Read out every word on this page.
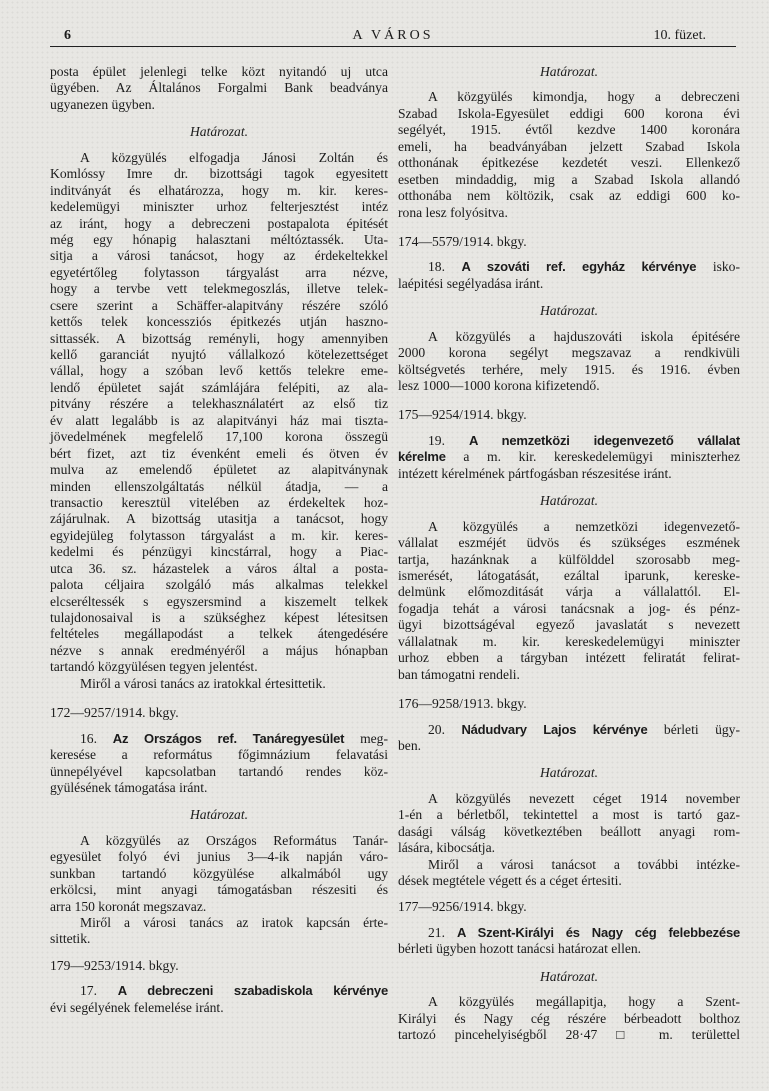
6	A VÁROS	10. füzet.
posta épület jelenlegi telke közt nyitandó uj utca
ügyében. Az Általános Forgalmi Bank beadványa
ugyanezen ügyben.
Határozat.
A közgyülés elfogadja Jánosi Zoltán és
Komlóssy Imre dr. bizottsági tagok egyesitett
inditványát és elhatározza, hogy m. kir. keres-
kedelemügyi miniszter urhoz felterjesztést intéz
az iránt, hogy a debreczeni postapalota épitését
még egy hónapig halasztani méltóztassék. Uta-
sitja a városi tanácsot, hogy az érdekeltekkel
egyetértőleg folytasson tárgyalást arra nézve,
hogy a tervbe vett telekmegoszlás, illetve telek-
csere szerint a Schäffer-alapitvány részére szóló
kettős telek koncessziós épitkezés utján haszno-
sittassék. A bizottság reményli, hogy amennyiben
kellő garanciát nyujtó vállalkozó kötelezettséget
vállal, hogy a szóban levő kettős telekre eme-
lendő épületet saját számlájára felépiti, az ala-
pitvány részére a telekhasználatért az első tiz
év alatt legalább is az alapitványi ház mai tiszta-
jövedelmének megfelelő 17,100 korona összegü
bért fizet, azt tiz évenként emeli és ötven év
mulva az emelendő épületet az alapitványnak
minden ellenszolgáltatás nélkül átadja, — a
transactio keresztül vitelében az érdekeltek hoz-
zájárulnak. A bizottság utasitja a tanácsot, hogy
egyidejüleg folytasson tárgyalást a m. kir. keres-
kedelmi és pénzügyi kincstárral, hogy a Piac-
utca 36. sz. házastelek a város által a posta-
palota céljaira szolgáló más alkalmas telekkel
elcseréltessék s egyszersmind a kiszemelt telkek
tulajdonosaival is a szükséghez képest létesitsen
feltételes megállapodást a telkek átengedésére
nézve s annak eredményéről a május hónapban
tartandó közgyülésen tegyen jelentést.
Miről a városi tanács az iratokkal értesittetik.
172—9257/1914. bkgy.
16. Az Országos ref. Tanáregyesület meg-
keresése a református főgimnázium felavatási
ünnepélyével kapcsolatban tartandó rendes köz-
gyülésének támogatása iránt.
Határozat.
A közgyülés az Országos Református Tanár-
egyesület folyó évi junius 3—4-ik napján váro-
sunkban tartandó közgyülése alkalmából ugy
erkölcsi, mint anyagi támogatásban részesiti és
arra 150 koronát megszavaz.
Miről a városi tanács az iratok kapcsán érte-
sittetik.
179—9253/1914. bkgy.
17. A debreczeni szabadiskola kérvénye
évi segélyének felemelése iránt.
Határozat.
A közgyülés kimondja, hogy a debreczeni
Szabad Iskola-Egyesület eddigi 600 korona évi
segélyét, 1915. évtől kezdve 1400 koronára
emeli, ha beadványában jelzett Szabad Iskola
otthonának épitkezése kezdetét veszi. Ellenkező
esetben mindaddig, mig a Szabad Iskola allandó
otthonába nem költözik, csak az eddigi 600 ko-
rona lesz folyósitva.
174—5579/1914. bkgy.
18. A szováti ref. egyház kérvénye isko-
laépitési segélyadása iránt.
Határozat.
A közgyülés a hajduszováti iskola épitésére
2000 korona segélyt megszavaz a rendkivüli
költségvetés terhére, mely 1915. és 1916. évben
lesz 1000—1000 korona kifizetendő.
175—9254/1914. bkgy.
19. A nemzetközi idegenvezető vállalat
kérelme a m. kir. kereskedelemügyi miniszterhez
intézett kérelmének pártfogásban részesitése iránt.
Határozat.
A közgyülés a nemzetközi idegenvezető-
vállalat eszméjét üdvös és szükséges eszmének
tartja, hazánknak a külfölddel szorosabb meg-
ismerését, látogatását, ezáltal iparunk, kereske-
delmünk előmozditását várja a vállalattól. El-
fogadja tehát a városi tanácsnak a jog- és pénz-
ügyi bizottságéval egyező javaslatát s nevezett
vállalatnak m. kir. kereskedelemügyi miniszter
urhoz ebben a tárgyban intézett feliratát felirat-
ban támogatni rendeli.
176—9258/1913. bkgy.
20. Nádudvary Lajos kérvénye bérleti ügy-
ben.
Határozat.
A közgyülés nevezett céget 1914 november
1-én a bérletből, tekintettel a most is tartó gaz-
dasági válság következtében beállott anyagi rom-
lására, kibocsátja.
Miről a városi tanácsot a további intézke-
dések megtétele végett és a céget értesiti.
177—9256/1914. bkgy.
21. A Szent-Királyi és Nagy cég felebbezése
bérleti ügyben hozott tanácsi határozat ellen.
Határozat.
A közgyülés megállapitja, hogy a Szent-
Királyi és Nagy cég részére bérbeadott bolthoz
tartozó pincehelyiségből 28·47 □ m. területtel
